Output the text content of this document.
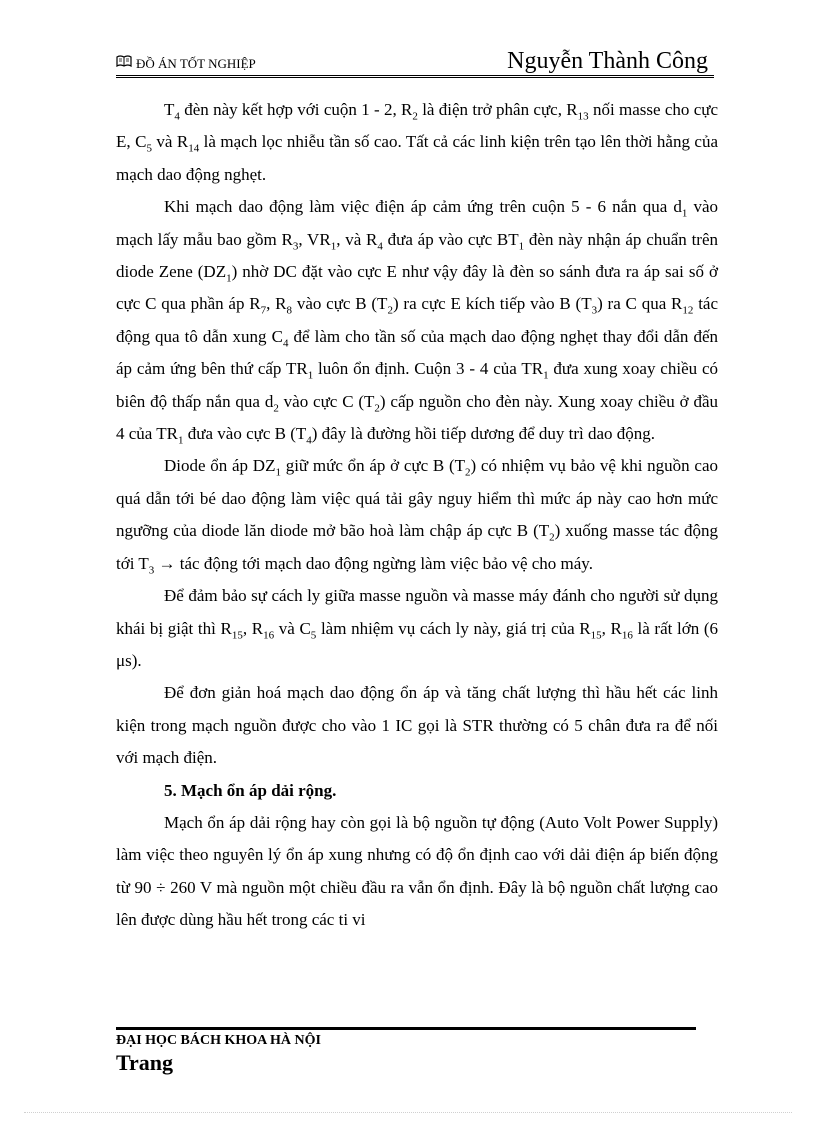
ĐỒ ÁN TỐT NGHIỆP	Nguyễn Thành Công

$T_4$ đèn này kết hợp với cuộn 1 - 2, $R_2$ là điện trở phân cực, $R_{13}$ nối masse cho cực E, $C_5$ và $R_{14}$ là mạch lọc nhiễu tần số cao. Tất cả các linh kiện trên tạo lên thời hằng của mạch dao động nghẹt.

Khi mạch dao động làm việc điện áp cảm ứng trên cuộn 5 - 6 nắn qua $d_1$ vào mạch lấy mẫu bao gồm $R_3$, $VR_1$, và $R_4$ đưa áp vào cực $BT_1$ đèn này nhận áp chuẩn trên diode Zene $(DZ_1)$ nhờ DC đặt vào cực E như vậy đây là đèn so sánh đưa ra áp sai số ở cực C qua phần áp $R_7$, $R_8$ vào cực B $(T_2)$ ra cực E kích tiếp vào B $(T_3)$ ra C qua $R_{12}$ tác động qua tô dẫn xung $C_4$ để làm cho tần số của mạch dao động nghẹt thay đổi dẫn đến áp cảm ứng bên thứ cấp $TR_1$ luôn ổn định. Cuộn 3 - 4 của $TR_1$ đưa xung xoay chiều có biên độ thấp nắn qua $d_2$ vào cực C $(T_2)$ cấp nguồn cho đèn này. Xung xoay chiều ở đầu 4 của $TR_1$ đưa vào cực B $(T_4)$ đây là đường hồi tiếp dương để duy trì dao động.

Diode ổn áp $DZ_1$ giữ mức ổn áp ở cực B $(T_2)$ có nhiệm vụ bảo vệ khi nguồn cao quá dẫn tới bé dao động làm việc quá tải gây nguy hiểm thì mức áp này cao hơn mức ngưỡng của diode lăn diode mở bão hoà làm chập áp cực B $(T_2)$ xuống masse tác động tới $T_3$ → tác động tới mạch dao động ngừng làm việc bảo vệ cho máy.

Để đảm bảo sự cách ly giữa masse nguồn và masse máy đánh cho người sử dụng khái bị giật thì $R_{15}$, $R_{16}$ và $C_5$ làm nhiệm vụ cách ly này, giá trị của $R_{15}$, $R_{16}$ là rất lớn (6 μs).

Để đơn giản hoá mạch dao động ổn áp và tăng chất lượng thì hầu hết các linh kiện trong mạch nguồn được cho vào 1 IC gọi là STR thường có 5 chân đưa ra để nối với mạch điện.

5. Mạch ổn áp dải rộng.

Mạch ổn áp dải rộng hay còn gọi là bộ nguồn tự động (Auto Volt Power Supply) làm việc theo nguyên lý ổn áp xung nhưng có độ ổn định cao với dải điện áp biến động từ 90 ÷ 260 V mà nguồn một chiều đầu ra vẫn ổn định. Đây là bộ nguồn chất lượng cao lên được dùng hầu hết trong các ti vi

ĐẠI HỌC BÁCH KHOA HÀ NỘI
Trang
